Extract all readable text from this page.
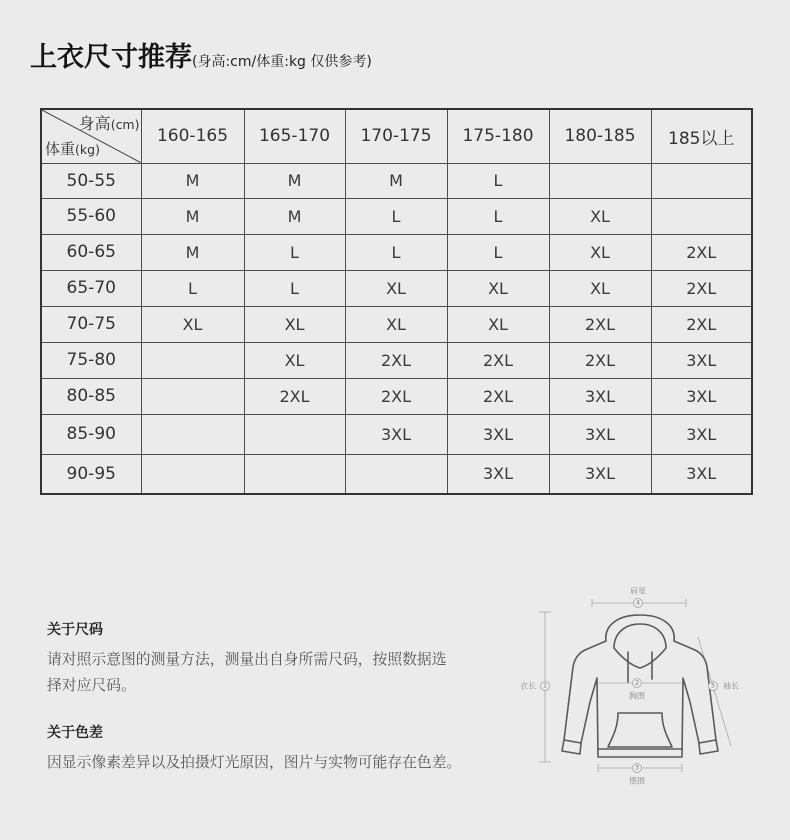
上衣尺寸推荐(身高:cm/体重:kg 仅供参考)
身高(cm)
体重(kg)	160-165	165-170	170-175	175-180	180-185	185以上
50-55	M	M	M	L		
55-60	M	M	L	L	XL	
60-65	M	L	L	L	XL	2XL
65-70	L	L	XL	XL	XL	2XL
70-75	XL	XL	XL	XL	2XL	2XL
75-80		XL	2XL	2XL	2XL	3XL
80-85		2XL	2XL	2XL	3XL	3XL
85-90			3XL	3XL	3XL	3XL
90-95				3XL	3XL	3XL
关于尺码
请对照示意图的测量方法，测量出自身所需尺码，按照数据选
择对应尺码。
关于色差
因显示像素差异以及拍摄灯光原因，图片与实物可能存在色差。
肩宽
4
衣长 1	2
胸围
3
摆围
5 袖长
